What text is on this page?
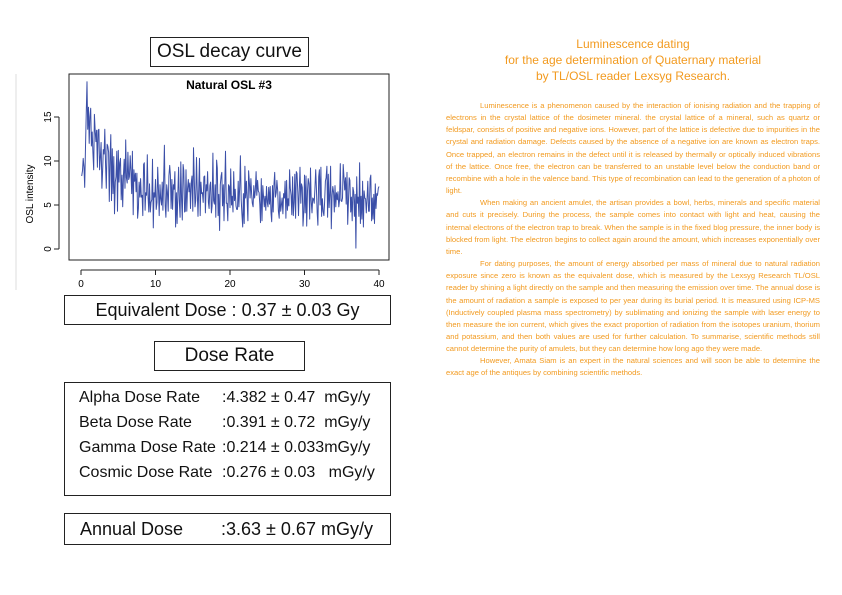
OSL decay curve
Natural OSL #3
OSL intensity
0	10	20	30	40
0
5
10
15
Equivalent Dose : 0.37 ± 0.03 Gy
Dose Rate
Alpha Dose Rate :4.382 ± 0.47 mGy/y
Beta Dose Rate :0.391 ± 0.72 mGy/y
Gamma Dose Rate :0.214 ± 0.033mGy/y
Cosmic Dose Rate :0.276 ± 0.03 mGy/y
Annual Dose :3.63 ± 0.67 mGy/y
Luminescence dating
for the age determination of Quaternary material
by TL/OSL reader Lexsyg Research.

Luminescence is a phenomenon caused by the interaction of ionising radiation and the trapping of electrons in the crystal lattice of the dosimeter mineral. the crystal lattice of a mineral, such as quartz or feldspar, consists of positive and negative ions. However, part of the lattice is defective due to impurities in the crystal and radiation damage. Defects caused by the absence of a negative ion are known as electron traps. Once trapped, an electron remains in the defect until it is released by thermally or optically induced vibrations of the lattice. Once free, the electron can be transferred to an unstable level below the conduction band or recombine with a hole in the valence band. This type of recombination can lead to the generation of a photon of light.

When making an ancient amulet, the artisan provides a bowl, herbs, minerals and specific material and cuts it precisely. During the process, the sample comes into contact with light and heat, causing the internal electrons of the electron trap to break. When the sample is in the fixed blog pressure, the inner body is blocked from light. The electron begins to collect again around the amount, which increases exponentially over time.

For dating purposes, the amount of energy absorbed per mass of mineral due to natural radiation exposure since zero is known as the equivalent dose, which is measured by the Lexsyg Research TL/OSL reader by shining a light directly on the sample and then measuring the emission over time. The annual dose is the amount of radiation a sample is exposed to per year during its burial period. It is measured using ICP-MS (Inductively coupled plasma mass spectrometry) by sublimating and ionizing the sample with laser energy to then measure the ion current, which gives the exact proportion of radiation from the isotopes uranium, thorium and potassium, and then both values are used for further calculation. To summarise, scientific methods still cannot determine the purity of amulets, but they can determine how long ago they were made.

However, Amata Siam is an expert in the natural sciences and will soon be able to determine the exact age of the antiques by combining scientific methods.
